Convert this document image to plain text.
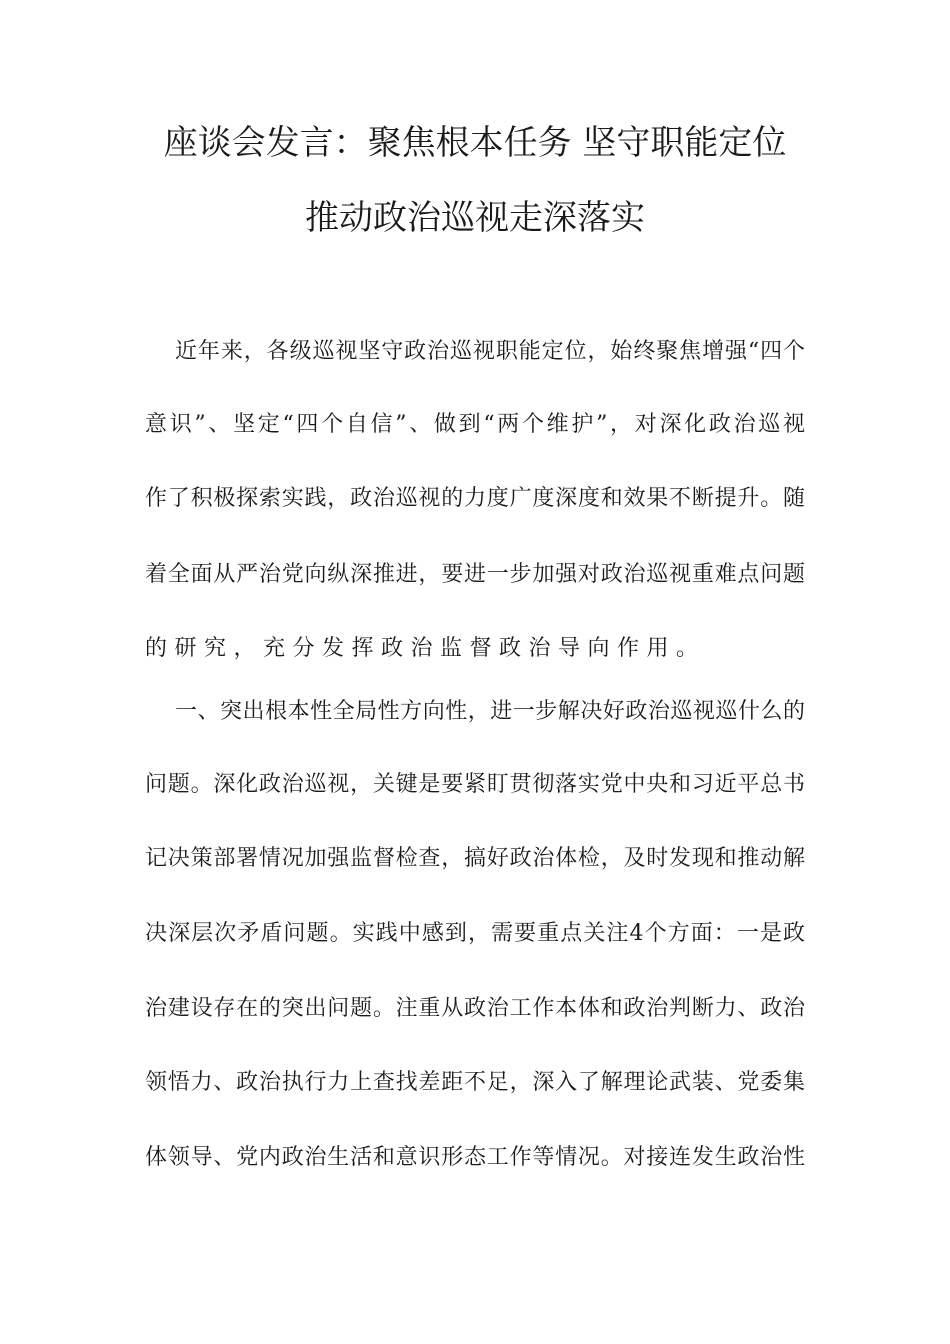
座谈会发言：聚焦根本任务 坚守职能定位
推动政治巡视走深落实
近年来，各级巡视坚守政治巡视职能定位，始终聚焦增强“四个
意识”、坚定“四个自信”、做到“两个维护”，对深化政治巡视
作了积极探索实践，政治巡视的力度广度深度和效果不断提升。随
着全面从严治党向纵深推进，要进一步加强对政治巡视重难点问题
的研究，充分发挥政治监督政治导向作用。
一、突出根本性全局性方向性，进一步解决好政治巡视巡什么的
问题。深化政治巡视，关键是要紧盯贯彻落实党中央和习近平总书
记决策部署情况加强监督检查，搞好政治体检，及时发现和推动解
决深层次矛盾问题。实践中感到，需要重点关注4个方面：一是政
治建设存在的突出问题。注重从政治工作本体和政治判断力、政治
领悟力、政治执行力上查找差距不足，深入了解理论武装、党委集
体领导、党内政治生活和意识形态工作等情况。对接连发生政治性
